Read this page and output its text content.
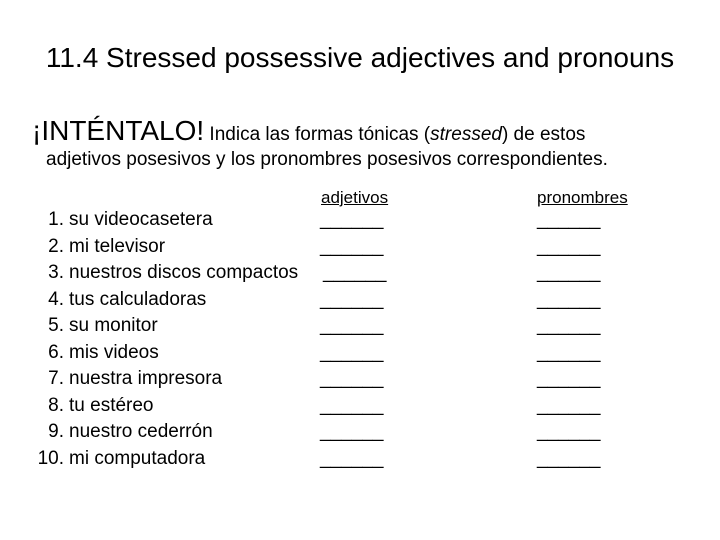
11.4 Stressed possessive adjectives and pronouns
¡INTÉNTALO! Indica las formas tónicas (stressed) de estos
adjetivos posesivos y los pronombres posesivos correspondientes.
adjetivos	pronombres
1. su videocasetera
2. mi televisor
3. nuestros discos compactos
4. tus calculadoras
5. su monitor
6. mis videos
7. nuestra impresora
8. tu estéreo
9. nuestro cederrón
10. mi computadora
______
______
______
______
______
______
______
______
______
______
______
______
______
______
______
______
______
______
______
______
